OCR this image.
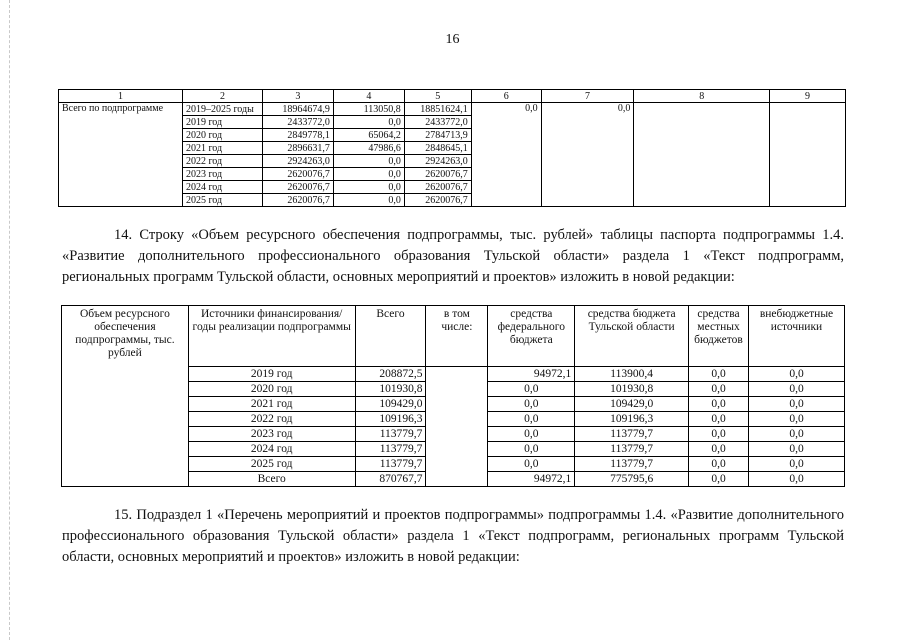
16
1	2	3	4	5	6	7	8	9
Всего по подпрограмме	2019–2025 годы	18964674,9	113050,8	18851624,1	0,0	0,0		
	2019 год	2433772,0	0,0	2433772,0				
	2020 год	2849778,1	65064,2	2784713,9				
	2021 год	2896631,7	47986,6	2848645,1				
	2022 год	2924263,0	0,0	2924263,0				
	2023 год	2620076,7	0,0	2620076,7				
	2024 год	2620076,7	0,0	2620076,7				
	2025 год	2620076,7	0,0	2620076,7				
14. Строку «Объем ресурсного обеспечения подпрограммы, тыс. рублей» таблицы паспорта подпрограммы 1.4. «Развитие дополнительного профессионального образования Тульской области» раздела 1 «Текст подпрограмм, региональных программ Тульской области, основных мероприятий и проектов» изложить в новой редакции:
Объем ресурсного обеспечения подпрограммы, тыс. рублей	Источники финансирования/годы реализации подпрограммы	Всего	в том числе:	средства федерального бюджета	средства бюджета Тульской области	средства местных бюджетов	внебюджетные источники
	2019 год	208872,5		94972,1	113900,4	0,0	0,0
	2020 год	101930,8		0,0	101930,8	0,0	0,0
	2021 год	109429,0		0,0	109429,0	0,0	0,0
	2022 год	109196,3		0,0	109196,3	0,0	0,0
	2023 год	113779,7		0,0	113779,7	0,0	0,0
	2024 год	113779,7		0,0	113779,7	0,0	0,0
	2025 год	113779,7		0,0	113779,7	0,0	0,0
	Всего	870767,7		94972,1	775795,6	0,0	0,0
15. Подраздел 1 «Перечень мероприятий и проектов подпрограммы» подпрограммы 1.4. «Развитие дополнительного профессионального образования Тульской области» раздела 1 «Текст подпрограмм, региональных программ Тульской области, основных мероприятий и проектов» изложить в новой редакции:
